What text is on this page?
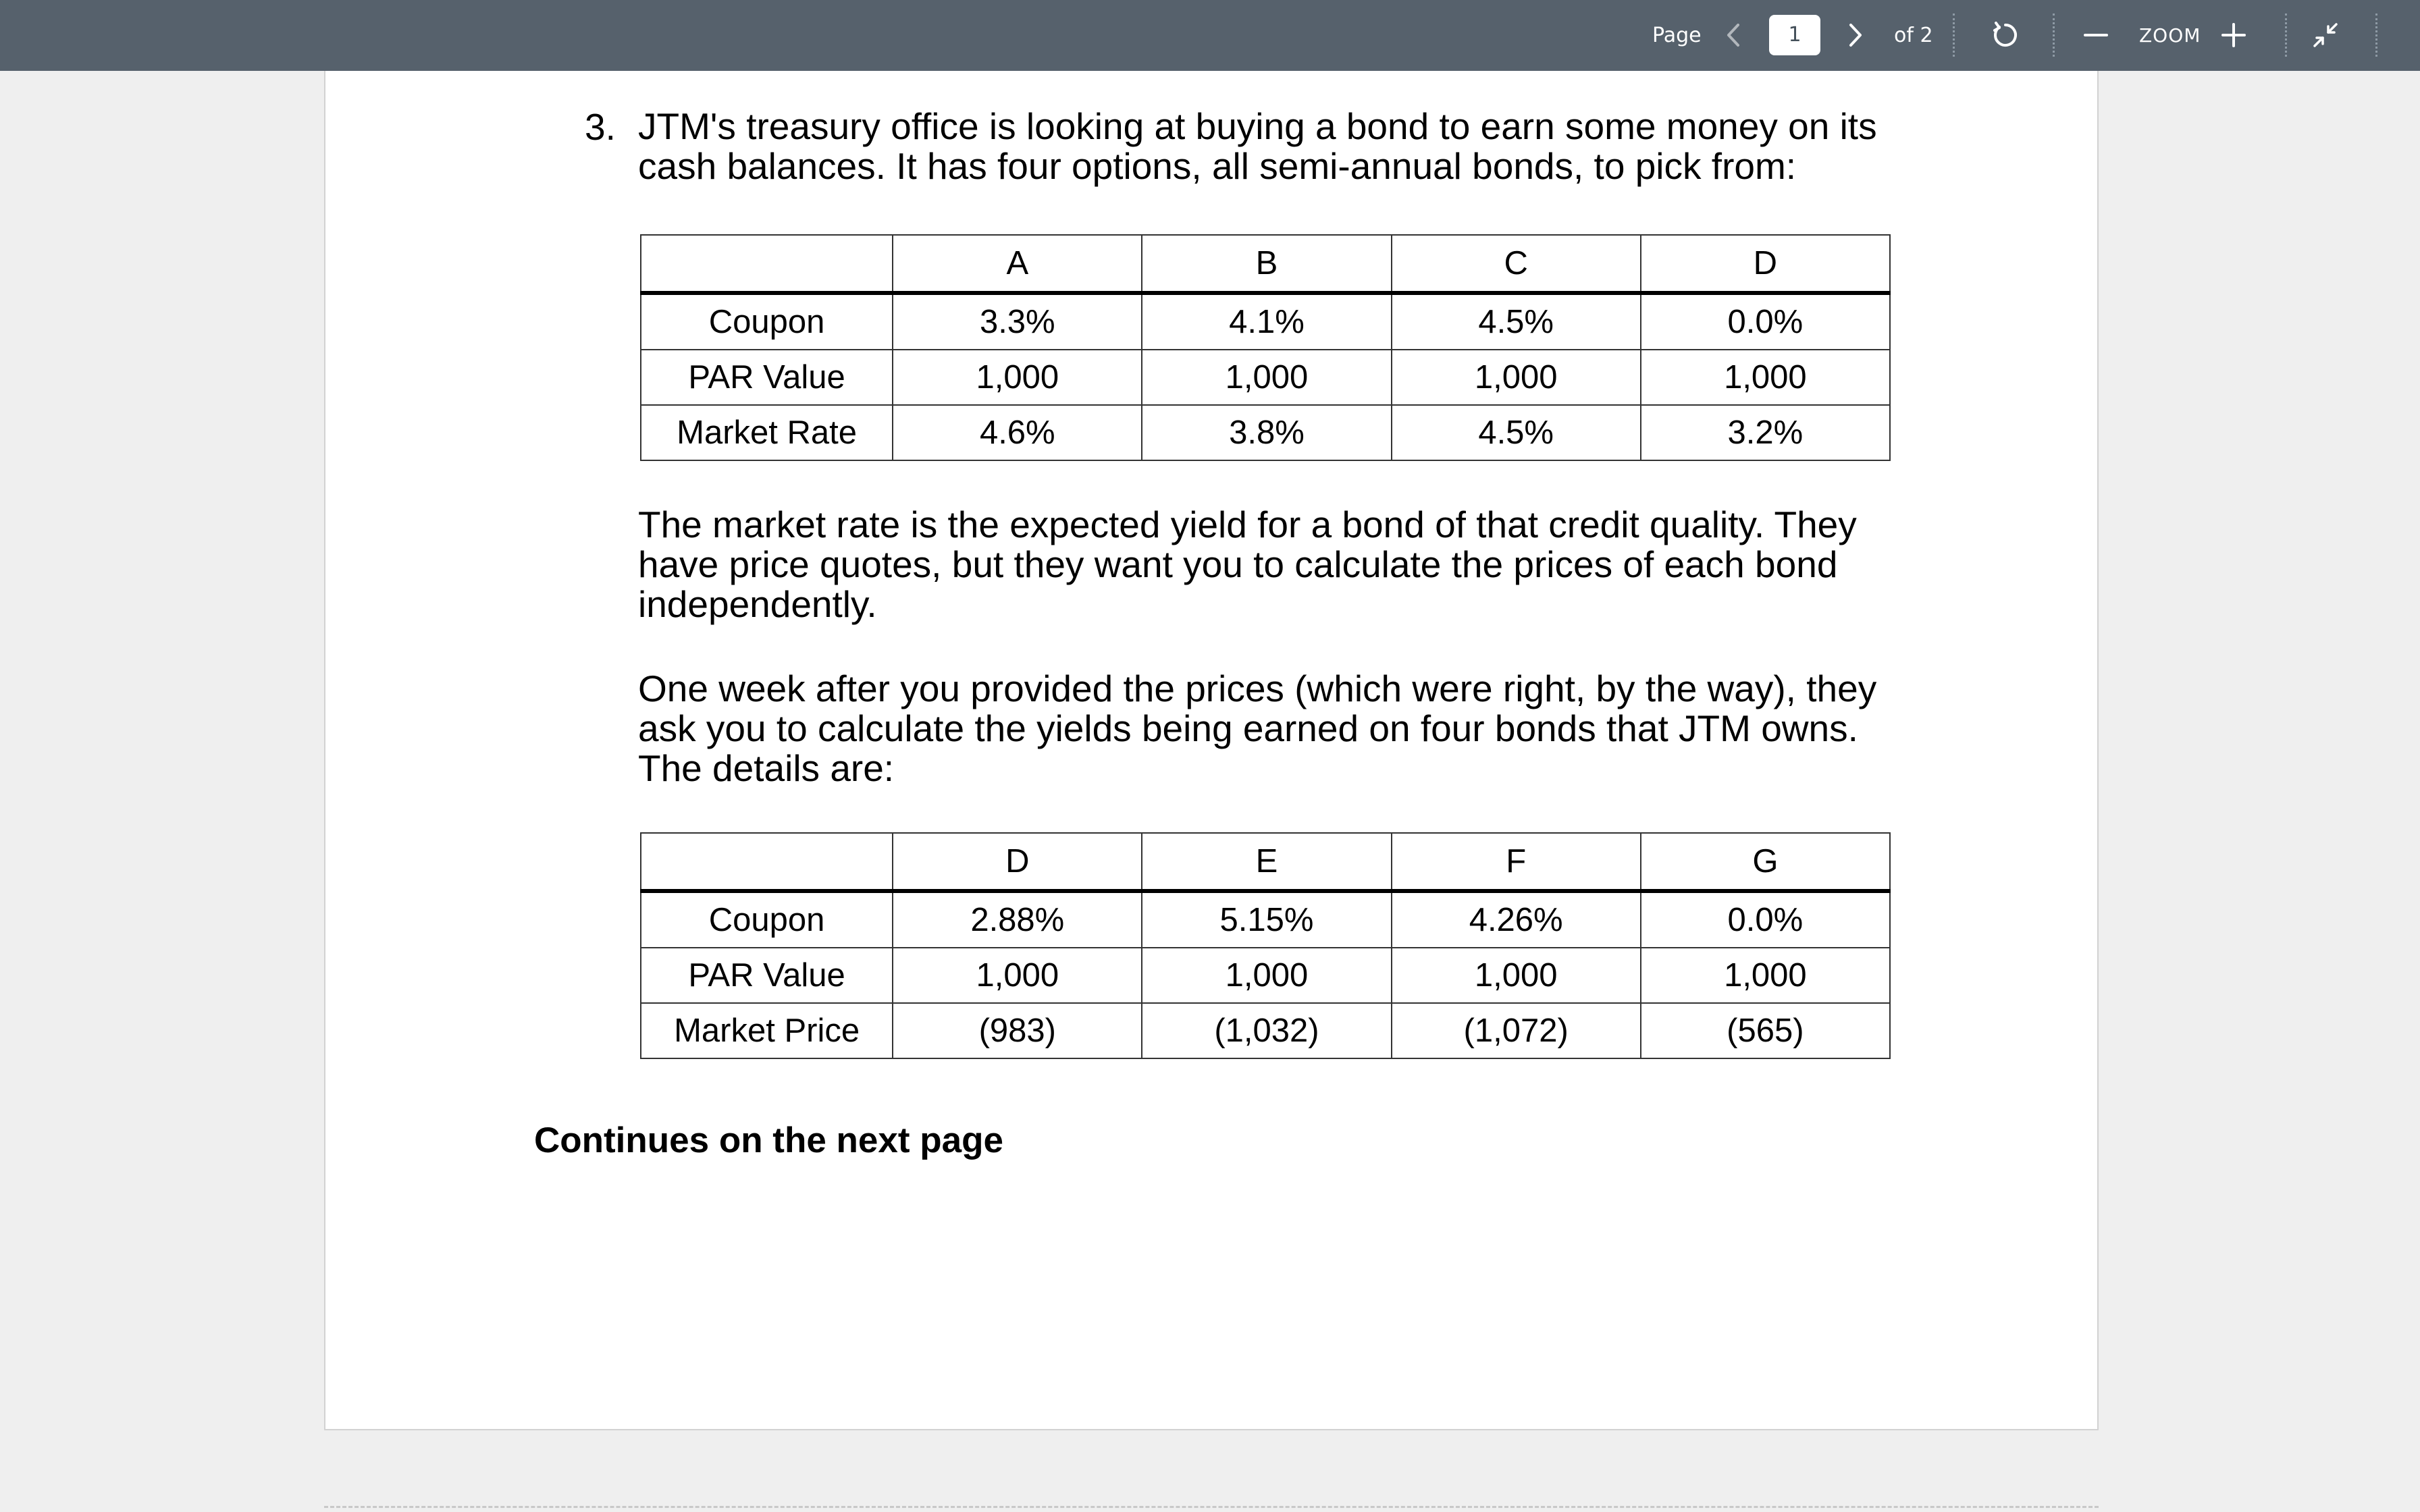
Page
1	of 2	ZOOM
3. JTM's treasury office is looking at buying a bond to earn some money on its cash balances. It has four options, all semi-annual bonds, to pick from:

	A	B	C	D
Coupon	3.3%	4.1%	4.5%	0.0%
PAR Value	1,000	1,000	1,000	1,000
Market Rate	4.6%	3.8%	4.5%	3.2%

The market rate is the expected yield for a bond of that credit quality. They have price quotes, but they want you to calculate the prices of each bond independently.

One week after you provided the prices (which were right, by the way), they ask you to calculate the yields being earned on four bonds that JTM owns. The details are:

	D	E	F	G
Coupon	2.88%	5.15%	4.26%	0.0%
PAR Value	1,000	1,000	1,000	1,000
Market Price	(983)	(1,032)	(1,072)	(565)
Continues on the next page
